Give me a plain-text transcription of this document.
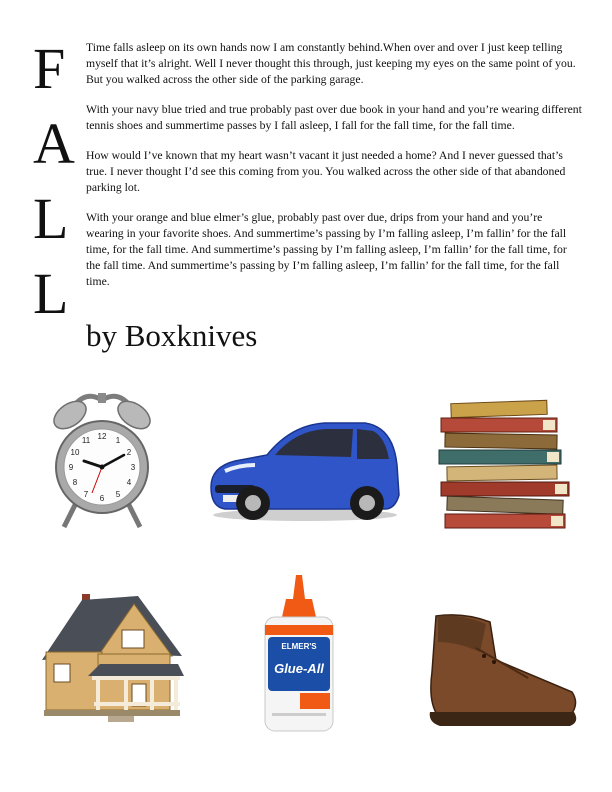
F
A
L
L

Time falls asleep on its own hands now I am constantly behind.When over and over I just keep telling myself that it’s alright. Well I never thought this through, just keeping my eyes on the same point of you. But you walked across the other side of the parking garage.

With your navy blue tried and true probably past over due book in your hand and you’re wearing different tennis shoes and summertime passes by I fall asleep, I fall for the fall time, for the fall time.

How would I’ve known that my heart wasn’t vacant it just needed a home? And I never guessed that’s true. I never thought I’d see this coming from you. You walked across the other side of that abandoned parking lot.

With your orange and blue elmer’s glue, probably past over due, drips from your hand and you’re wearing in your favorite shoes. And summertime’s passing by I’m falling asleep, I’m fallin’ for the fall time, for the fall time. And summertime’s passing by I’m falling asleep, I’m fallin’ for the fall time, for the fall time. And summertime’s passing by I’m falling asleep, I’m fallin’ for the fall time, for the fall time.

by Boxknives
12 1
2
3
4
5
6
7
8
9
10
11
ELMER'S
Glue-All
